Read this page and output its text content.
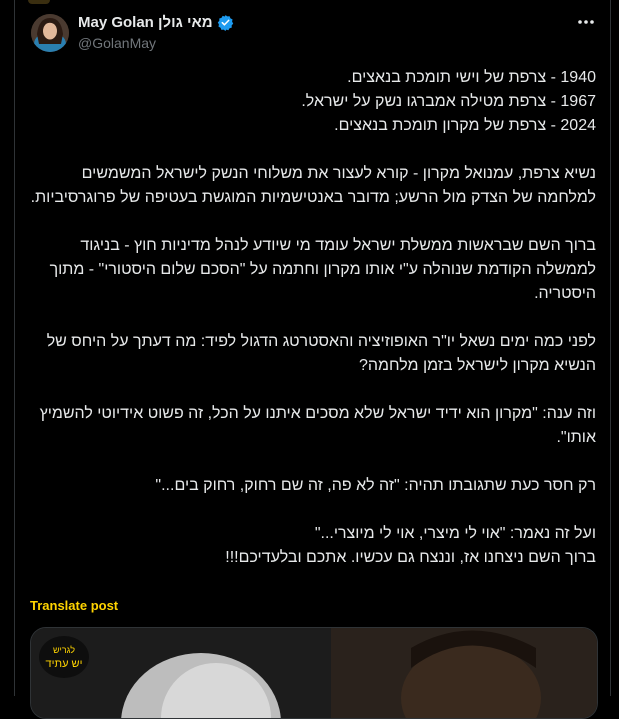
May Golan מאי גולן
@GolanMay
1940 - צרפת של וישי תומכת בנאצים.
1967 - צרפת מטילה אמברגו נשק על ישראל.
2024 - צרפת של מקרון תומכת בנאצים.
נשיא צרפת, עמנואל מקרון - קורא לעצור את משלוחי הנשק לישראל המשמשים למלחמה של הצדק מול הרשע; מדובר באנטישמיות המוגשת בעטיפה של פרוגרסיביות.
ברוך השם שבראשות ממשלת ישראל עומד מי שיודע לנהל מדיניות חוץ - בניגוד לממשלה הקודמת שנוהלה ע"י אותו מקרון וחתמה על "הסכם שלום היסטורי" - מתוך היסטריה.
לפני כמה ימים נשאל יו"ר האופוזיציה והאסטרטג הדגול לפיד: מה דעתך על היחס של הנשיא מקרון לישראל בזמן מלחמה?
וזה ענה: "מקרון הוא ידיד ישראל שלא מסכים איתנו על הכל, זה פשוט אידיוטי להשמיץ אותו".
רק חסר כעת שתגובתו תהיה: "זה לא פה, זה שם רחוק, רחוק בים..."
ועל זה נאמר: "אוי לי מיצרי, אוי לי מיוצרי..."
ברוך השם ניצחנו אז, וננצח גם עכשיו. אתכם ובלעדיכם!!!
Translate post
לגריש
יש עתיד
